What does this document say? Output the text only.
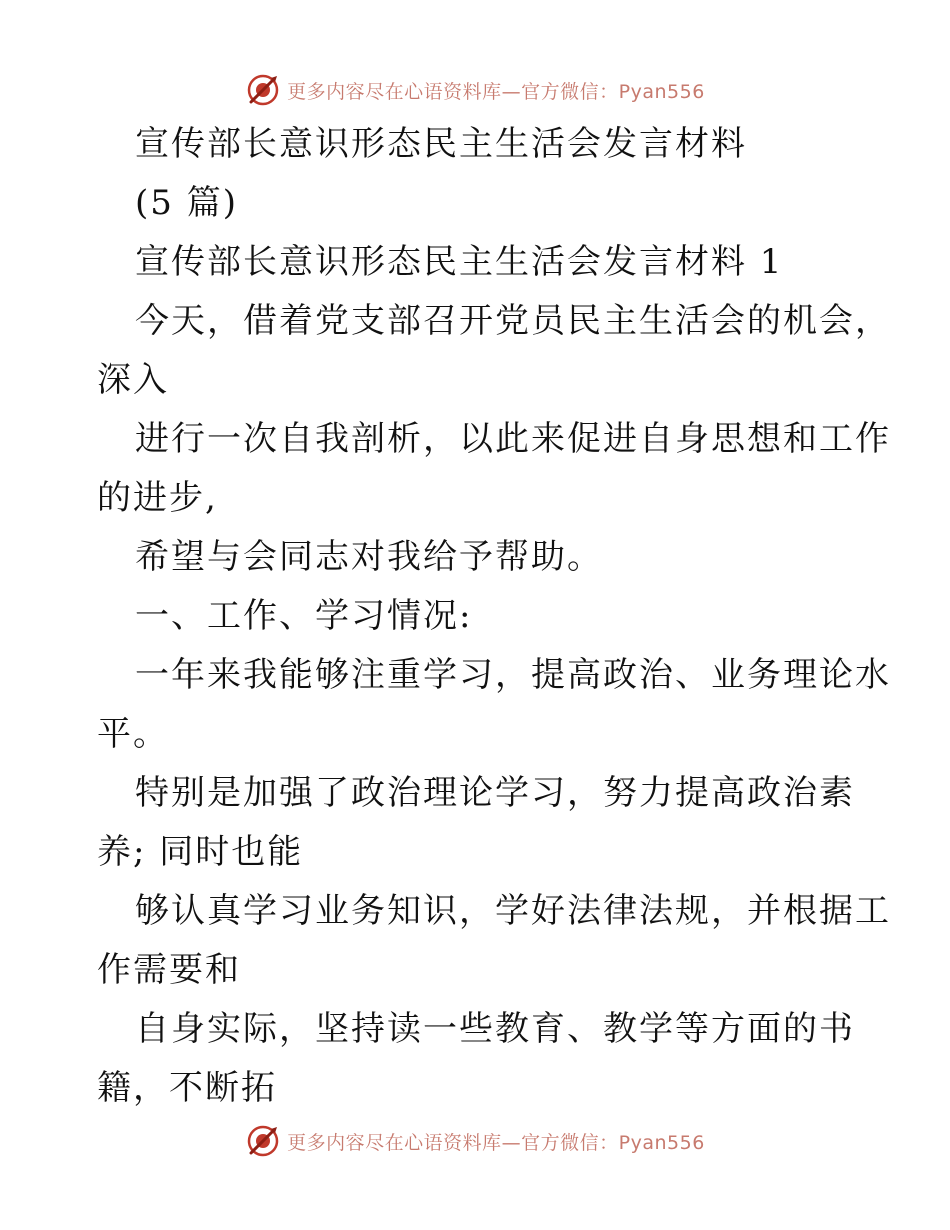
更多内容尽在心语资料库—官方微信：Pyan556
宣传部长意识形态民主生活会发言材料
(5 篇)
宣传部长意识形态民主生活会发言材料 1
今天，借着党支部召开党员民主生活会的机会，
深入
进行一次自我剖析，以此来促进自身思想和工作
的进步,
希望与会同志对我给予帮助。
一、工作、学习情况:
一年来我能够注重学习，提高政治、业务理论水
平。
特别是加强了政治理论学习，努力提高政治素
养; 同时也能
够认真学习业务知识，学好法律法规，并根据工
作需要和
自身实际，坚持读一些教育、教学等方面的书
籍，不断拓
更多内容尽在心语资料库—官方微信：Pyan556
